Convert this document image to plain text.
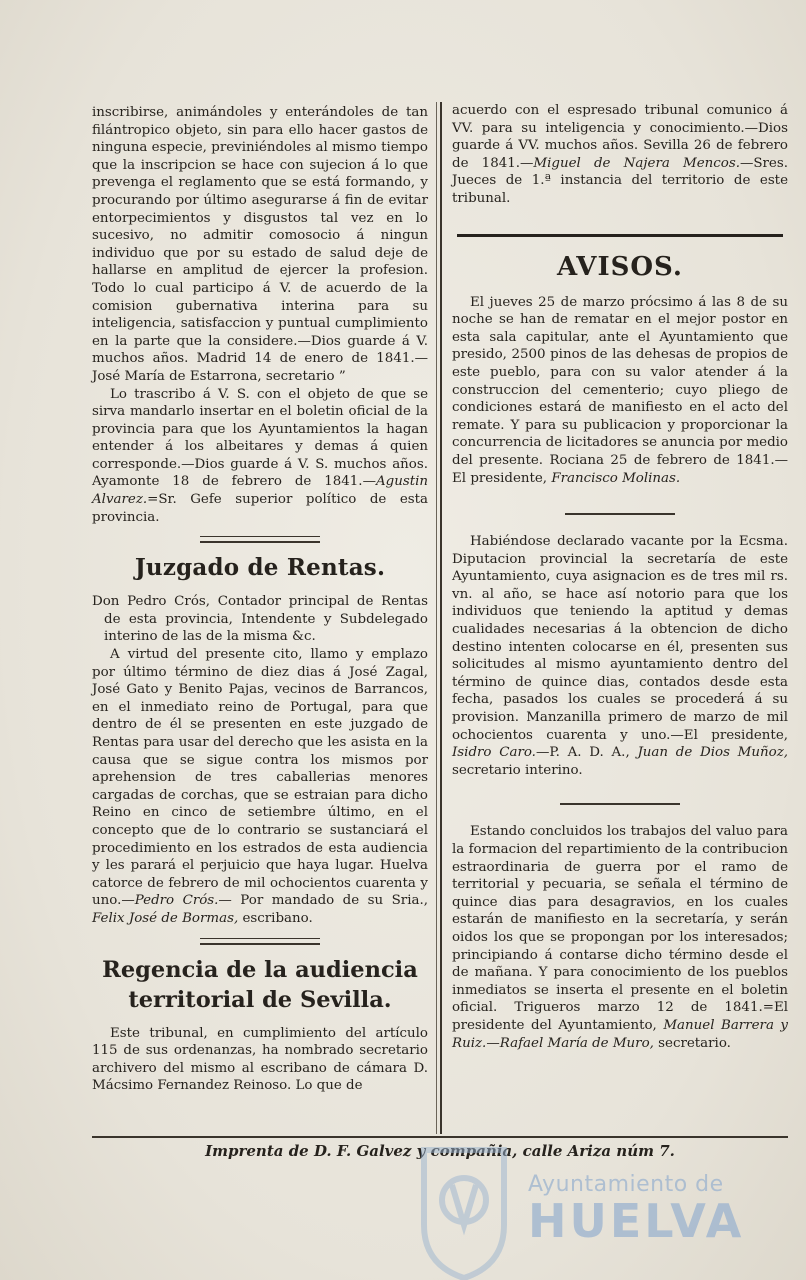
inscribirse, animándoles y enterándoles de tan filántropico objeto, sin para ello hacer gastos de ninguna especie, previniéndoles al mismo tiempo que la inscripcion se hace con sujecion á lo que prevenga el reglamento que se está formando, y procurando por último asegurarse á fin de evitar entorpecimientos y disgustos tal vez en lo sucesivo, no admitir comosocio á ningun individuo que por su estado de salud deje de hallarse en amplitud de ejercer la profesion. Todo lo cual participo á V. de acuerdo de la comision gubernativa interina para su inteligencia, satisfaccion y puntual cumplimiento en la parte que la considere.—Dios guarde á V. muchos años. Madrid 14 de enero de 1841.—José María de Estarrona, secretario ”

Lo trascribo á V. S. con el objeto de que se sirva mandarlo insertar en el boletin oficial de la provincia para que los Ayuntamientos la hagan entender á los albeitares y demas á quien corresponde.—Dios guarde á V. S. muchos años. Ayamonte 18 de febrero de 1841.—Agustin Alvarez.=Sr. Gefe superior político de esta provincia.

Juzgado de Rentas.

Don Pedro Crós, Contador principal de Rentas de esta provincia, Intendente y Subdelegado interino de las de la misma &c.

A virtud del presente cito, llamo y emplazo por último término de diez dias á José Zagal, José Gato y Benito Pajas, vecinos de Barrancos, en el inmediato reino de Portugal, para que dentro de él se presenten en este juzgado de Rentas para usar del derecho que les asista en la causa que se sigue contra los mismos por aprehension de tres caballerias menores cargadas de corchas, que se estraian para dicho Reino en cinco de setiembre último, en el concepto que de lo contrario se sustanciará el procedimiento en los estrados de esta audiencia y les parará el perjuicio que haya lugar. Huelva catorce de febrero de mil ochocientos cuarenta y uno.—Pedro Crós.— Por mandado de su Sria., Felix José de Bormas, escribano.

Regencia de la audiencia territorial de Sevilla.

Este tribunal, en cumplimiento del artículo 115 de sus ordenanzas, ha nombrado secretario archivero del mismo al escribano de cámara D. Mácsimo Fernandez Reinoso. Lo que de

acuerdo con el espresado tribunal comunico á VV. para su inteligencia y conocimiento.—Dios guarde á VV. muchos años. Sevilla 26 de febrero de 1841.—Miguel de Najera Mencos.—Sres. Jueces de 1.ª instancia del territorio de este tribunal.

AVISOS.

El jueves 25 de marzo prócsimo á las 8 de su noche se han de rematar en el mejor postor en esta sala capitular, ante el Ayuntamiento que presido, 2500 pinos de las dehesas de propios de este pueblo, para con su valor atender á la construccion del cementerio; cuyo pliego de condiciones estará de manifiesto en el acto del remate. Y para su publicacion y proporcionar la concurrencia de licitadores se anuncia por medio del presente. Rociana 25 de febrero de 1841.— El presidente, Francisco Molinas.

Habiéndose declarado vacante por la Ecsma. Diputacion provincial la secretaría de este Ayuntamiento, cuya asignacion es de tres mil rs. vn. al año, se hace así notorio para que los individuos que teniendo la aptitud y demas cualidades necesarias á la obtencion de dicho destino intenten colocarse en él, presenten sus solicitudes al mismo ayuntamiento dentro del término de quince dias, contados desde esta fecha, pasados los cuales se procederá á su provision. Manzanilla primero de marzo de mil ochocientos cuarenta y uno.—El presidente, Isidro Caro.—P. A. D. A., Juan de Dios Muñoz, secretario interino.

Estando concluidos los trabajos del valuo para la formacion del repartimiento de la contribucion estraordinaria de guerra por el ramo de territorial y pecuaria, se señala el término de quince dias para desagravios, en los cuales estarán de manifiesto en la secretaría, y serán oidos los que se propongan por los interesados; principiando á contarse dicho término desde el de mañana. Y para conocimiento de los pueblos inmediatos se inserta el presente en el boletin oficial. Trigueros marzo 12 de 1841.=El presidente del Ayuntamiento, Manuel Barrera y Ruiz.—Rafael María de Muro, secretario.

Imprenta de D. F. Galvez y compañia, calle Ariza núm 7.
Ayuntamiento de
HUELVA
